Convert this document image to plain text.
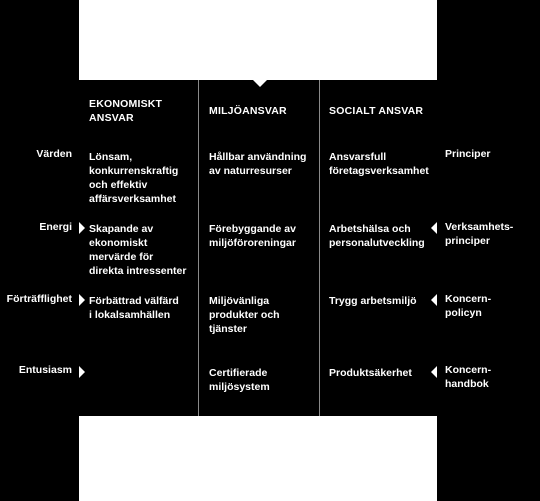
EKONOMISKT
ANSVAR
MILJÖANSVAR	SOCIALT ANSVAR
Lönsam,
konkurrenskraftig
och effektiv
affärsverksamhet
Hållbar användning
av naturresurser
Ansvarsfull
företagsverksamhet
Skapande av
ekonomiskt
mervärde för
direkta intressenter
Förebyggande av
miljöföroreningar
Arbetshälsa och
personalutveckling
Förbättrad välfärd
i lokalsamhällen
Miljövänliga
produkter och
tjänster
Trygg arbetsmiljö
Certifierade
miljösystem
Produktsäkerhet
Värden
Energi
Förträfflighet
Entusiasm
Principer
Verksamhets-
principer
Koncern-
policyn
Koncern-
handbok
